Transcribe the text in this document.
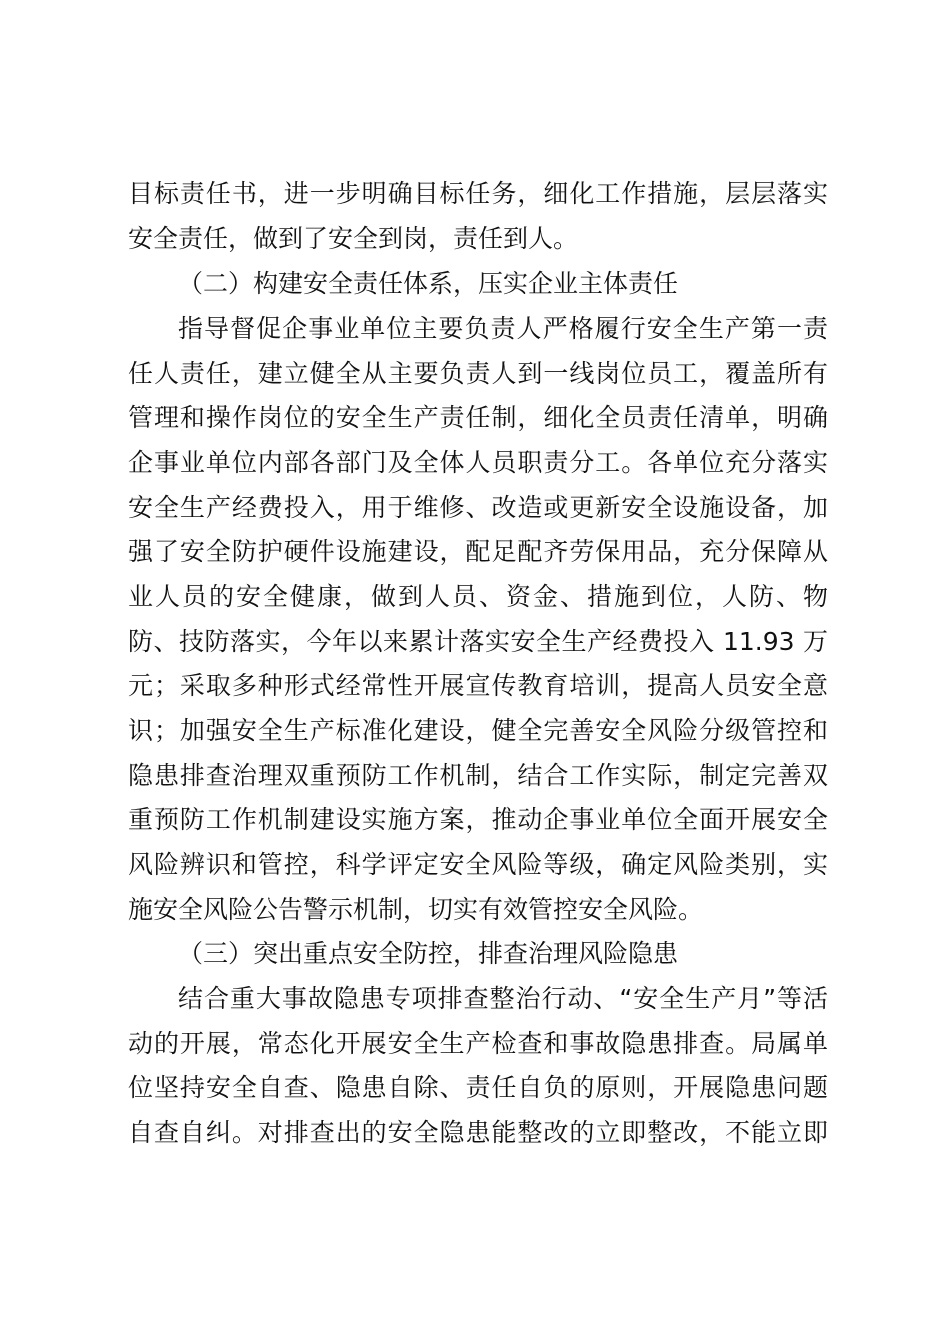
目标责任书，进一步明确目标任务，细化工作措施，层层落实
安全责任，做到了安全到岗，责任到人。
（二）构建安全责任体系，压实企业主体责任
指导督促企事业单位主要负责人严格履行安全生产第一责
任人责任，建立健全从主要负责人到一线岗位员工，覆盖所有
管理和操作岗位的安全生产责任制，细化全员责任清单，明确
企事业单位内部各部门及全体人员职责分工。各单位充分落实
安全生产经费投入，用于维修、改造或更新安全设施设备，加
强了安全防护硬件设施建设，配足配齐劳保用品，充分保障从
业人员的安全健康，做到人员、资金、措施到位，人防、物
防、技防落实，今年以来累计落实安全生产经费投入 11.93 万
元；采取多种形式经常性开展宣传教育培训，提高人员安全意
识；加强安全生产标准化建设，健全完善安全风险分级管控和
隐患排查治理双重预防工作机制，结合工作实际，制定完善双
重预防工作机制建设实施方案，推动企事业单位全面开展安全
风险辨识和管控，科学评定安全风险等级，确定风险类别，实
施安全风险公告警示机制，切实有效管控安全风险。
（三）突出重点安全防控，排查治理风险隐患
结合重大事故隐患专项排查整治行动、“安全生产月”等活
动的开展，常态化开展安全生产检查和事故隐患排查。局属单
位坚持安全自查、隐患自除、责任自负的原则，开展隐患问题
自查自纠。对排查出的安全隐患能整改的立即整改，不能立即
